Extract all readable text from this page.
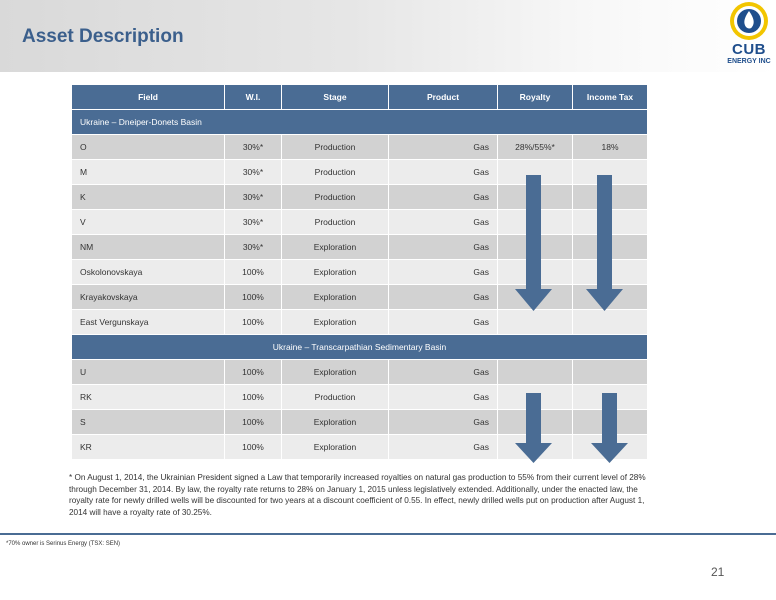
Asset Description
CUB
ENERGY INC
Field	W.I.	Stage	Product	Royalty	Income Tax
Ukraine – Dneiper-Donets Basin					
O	30%*	Production	Gas	28%/55%*	18%
M	30%*	Production	Gas		
K	30%*	Production	Gas		
V	30%*	Production	Gas		
NM	30%*	Exploration	Gas		
Oskolonovskaya	100%	Exploration	Gas		
Krayakovskaya	100%	Exploration	Gas		
East Vergunskaya	100%	Exploration	Gas		
Ukraine – Transcarpathian Sedimentary Basin					
U	100%	Exploration	Gas		
RK	100%	Production	Gas		
S	100%	Exploration	Gas		
KR	100%	Exploration	Gas		
* On August 1, 2014, the Ukrainian President signed a Law that temporarily increased royalties on natural gas production to 55% from their current level of 28% through December 31, 2014. By law, the royalty rate returns to 28% on January 1, 2015 unless legislatively extended. Additionally, under the enacted law, the royalty rate for newly drilled wells will be discounted for two years at a discount coefficient of 0.55. In effect, newly drilled wells put on production after August 1, 2014 will have a royalty rate of 30.25%.
*70% owner is Serinus Energy (TSX: SEN)
21
